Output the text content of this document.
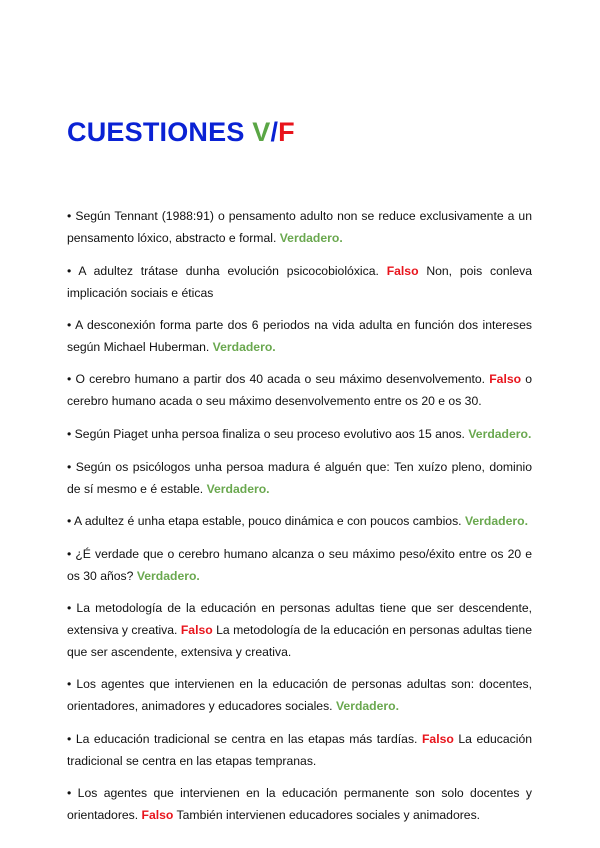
CUESTIONES V/F

• Según Tennant (1988:91) o pensamento adulto non se reduce exclusivamente a un pensamento lóxico, abstracto e formal. Verdadero.

• A adultez trátase dunha evolución psicocobiolóxica. Falso Non, pois conleva implicación sociais e éticas

• A desconexión forma parte dos 6 periodos na vida adulta en función dos intereses según Michael Huberman. Verdadero.

• O cerebro humano a partir dos 40 acada o seu máximo desenvolvemento. Falso o cerebro humano acada o seu máximo desenvolvemento entre os 20 e os 30.

• Según Piaget unha persoa finaliza o seu proceso evolutivo aos 15 anos. Verdadero.

• Según os psicólogos unha persoa madura é alguén que: Ten xuízo pleno, dominio de sí mesmo e é estable. Verdadero.

• A adultez é unha etapa estable, pouco dinámica e con poucos cambios. Verdadero.

• ¿É verdade que o cerebro humano alcanza o seu máximo peso/éxito entre os 20 e os 30 años? Verdadero.

• La metodología de la educación en personas adultas tiene que ser descendente, extensiva y creativa. Falso La metodología de la educación en personas adultas tiene que ser ascendente, extensiva y creativa.

• Los agentes que intervienen en la educación de personas adultas son: docentes, orientadores, animadores y educadores sociales. Verdadero.

• La educación tradicional se centra en las etapas más tardías. Falso La educación tradicional se centra en las etapas tempranas.

• Los agentes que intervienen en la educación permanente son solo docentes y orientadores. Falso También intervienen educadores sociales y animadores.
